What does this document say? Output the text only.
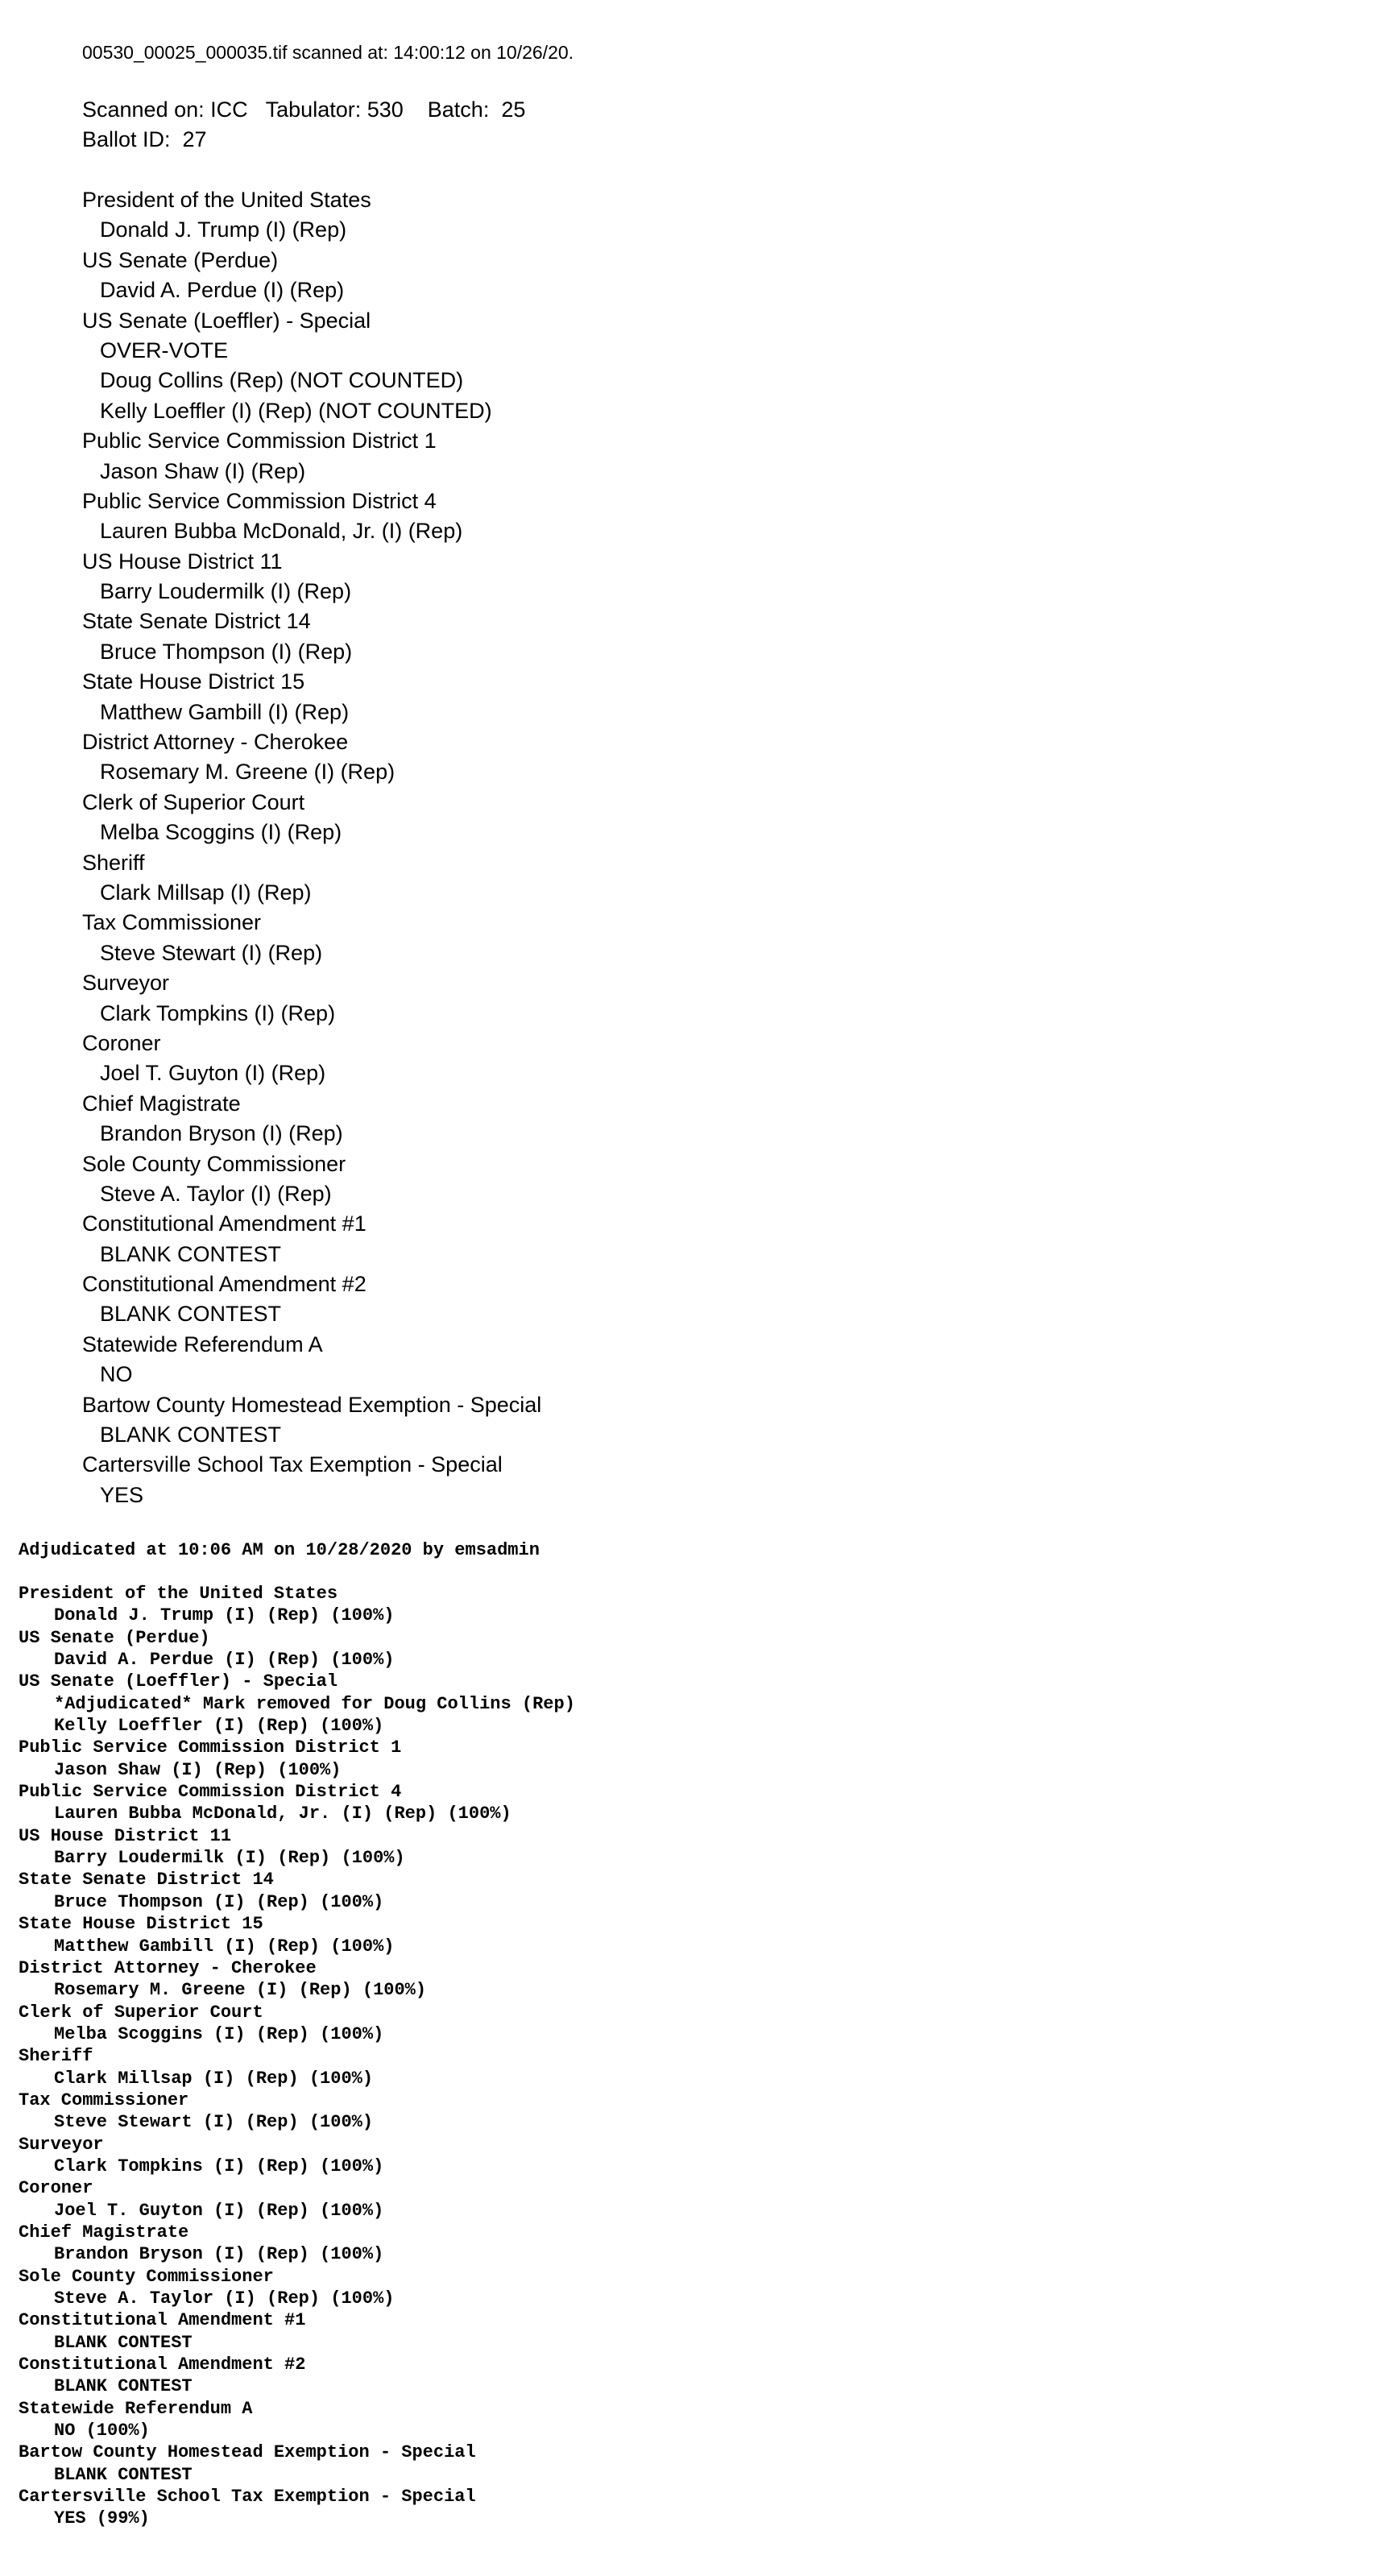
00530_00025_000035.tif scanned at: 14:00:12 on 10/26/20.
Scanned on: ICC   Tabulator: 530    Batch:  25
Ballot ID:  27
President of the United States
Donald J. Trump (I) (Rep)
US Senate (Perdue)
David A. Perdue (I) (Rep)
US Senate (Loeffler) - Special
OVER-VOTE
Doug Collins (Rep) (NOT COUNTED)
Kelly Loeffler (I) (Rep) (NOT COUNTED)
Public Service Commission District 1
Jason Shaw (I) (Rep)
Public Service Commission District 4
Lauren Bubba McDonald, Jr. (I) (Rep)
US House District 11
Barry Loudermilk (I) (Rep)
State Senate District 14
Bruce Thompson (I) (Rep)
State House District 15
Matthew Gambill (I) (Rep)
District Attorney - Cherokee
Rosemary M. Greene (I) (Rep)
Clerk of Superior Court
Melba Scoggins (I) (Rep)
Sheriff
Clark Millsap (I) (Rep)
Tax Commissioner
Steve Stewart (I) (Rep)
Surveyor
Clark Tompkins (I) (Rep)
Coroner
Joel T. Guyton (I) (Rep)
Chief Magistrate
Brandon Bryson (I) (Rep)
Sole County Commissioner
Steve A. Taylor (I) (Rep)
Constitutional Amendment #1
BLANK CONTEST
Constitutional Amendment #2
BLANK CONTEST
Statewide Referendum A
NO
Bartow County Homestead Exemption - Special
BLANK CONTEST
Cartersville School Tax Exemption - Special
YES
Adjudicated at 10:06 AM on 10/28/2020 by emsadmin
President of the United States
Donald J. Trump (I) (Rep) (100%)
US Senate (Perdue)
David A. Perdue (I) (Rep) (100%)
US Senate (Loeffler) - Special
*Adjudicated* Mark removed for Doug Collins (Rep)
Kelly Loeffler (I) (Rep) (100%)
Public Service Commission District 1
Jason Shaw (I) (Rep) (100%)
Public Service Commission District 4
Lauren Bubba McDonald, Jr. (I) (Rep) (100%)
US House District 11
Barry Loudermilk (I) (Rep) (100%)
State Senate District 14
Bruce Thompson (I) (Rep) (100%)
State House District 15
Matthew Gambill (I) (Rep) (100%)
District Attorney - Cherokee
Rosemary M. Greene (I) (Rep) (100%)
Clerk of Superior Court
Melba Scoggins (I) (Rep) (100%)
Sheriff
Clark Millsap (I) (Rep) (100%)
Tax Commissioner
Steve Stewart (I) (Rep) (100%)
Surveyor
Clark Tompkins (I) (Rep) (100%)
Coroner
Joel T. Guyton (I) (Rep) (100%)
Chief Magistrate
Brandon Bryson (I) (Rep) (100%)
Sole County Commissioner
Steve A. Taylor (I) (Rep) (100%)
Constitutional Amendment #1
BLANK CONTEST
Constitutional Amendment #2
BLANK CONTEST
Statewide Referendum A
NO (100%)
Bartow County Homestead Exemption - Special
BLANK CONTEST
Cartersville School Tax Exemption - Special
YES (99%)
